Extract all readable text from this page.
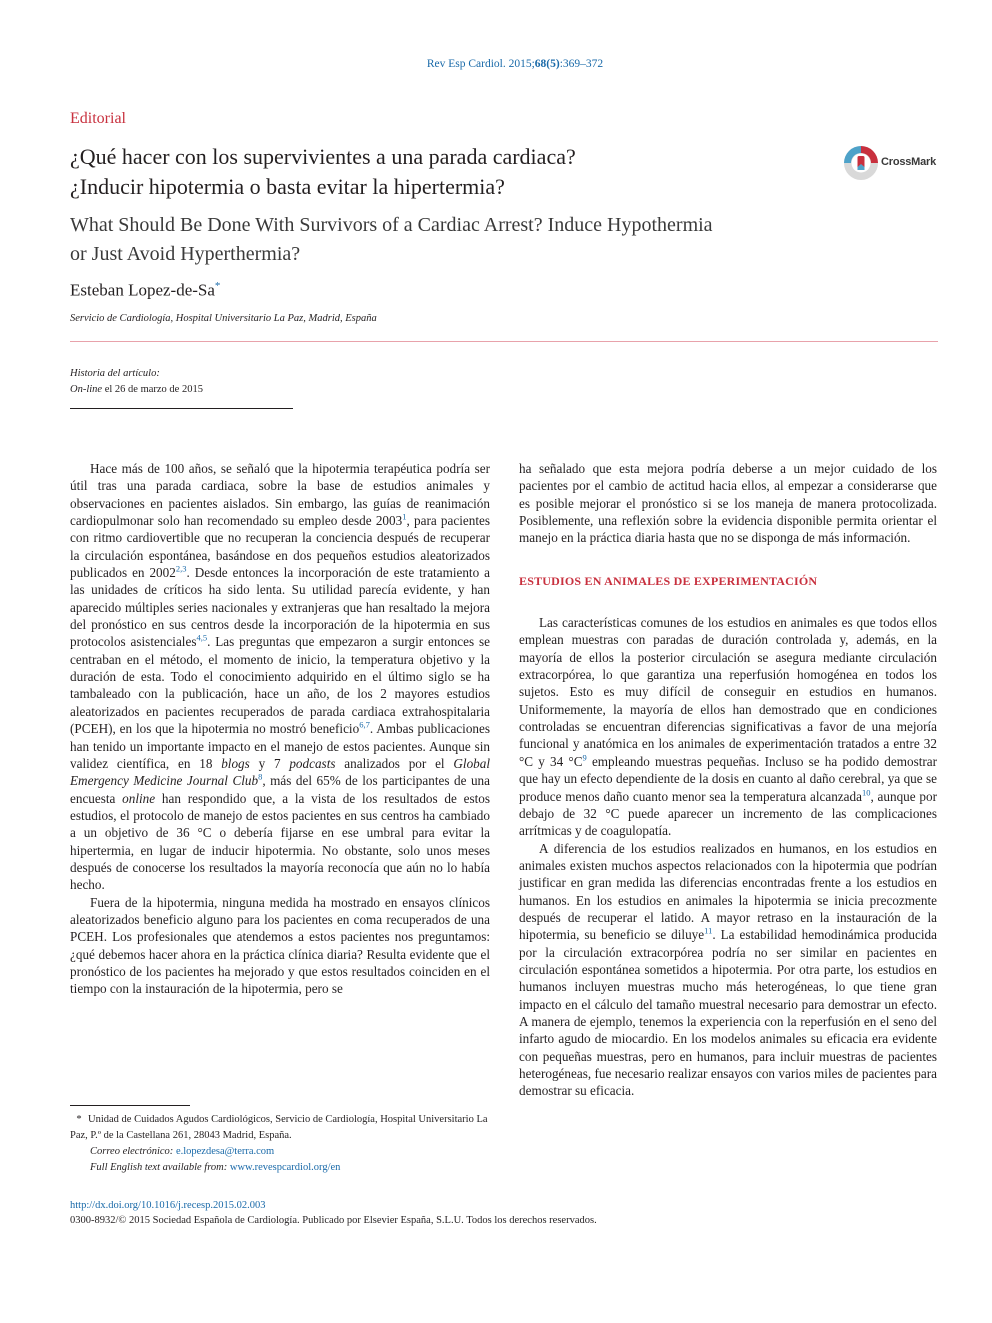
Rev Esp Cardiol. 2015;68(5):369–372
Editorial
¿Qué hacer con los supervivientes a una parada cardiaca?
¿Inducir hipotermia o basta evitar la hipertermia?
CrossMark
What Should Be Done With Survivors of a Cardiac Arrest? Induce Hypothermia
or Just Avoid Hyperthermia?
Esteban Lopez-de-Sa*
Servicio de Cardiología, Hospital Universitario La Paz, Madrid, España
Historia del artículo:
On-line el 26 de marzo de 2015

Hace más de 100 años, se señaló que la hipotermia terapéutica podría ser útil tras una parada cardiaca, sobre la base de estudios animales y observaciones en pacientes aislados. Sin embargo, las guías de reanimación cardiopulmonar solo han recomendado su empleo desde 2003$^1$, para pacientes con ritmo cardiovertible que no recuperan la conciencia después de recuperar la circulación espontánea, basándose en dos pequeños estudios aleatorizados publicados en 2002$^{2,3}$. Desde entonces la incorporación de este tratamiento a las unidades de críticos ha sido lenta. Su utilidad parecía evidente, y han aparecido múltiples series nacionales y extranjeras que han resaltado la mejora del pronóstico en sus centros desde la incorporación de la hipotermia en sus protocolos asistenciales$^{4,5}$. Las preguntas que empezaron a surgir entonces se centraban en el método, el momento de inicio, la temperatura objetivo y la duración de esta. Todo el conocimiento adquirido en el último siglo se ha tambaleado con la publicación, hace un año, de los 2 mayores estudios aleatorizados en pacientes recuperados de parada cardiaca extrahospitalaria (PCEH), en los que la hipotermia no mostró beneficio$^{6,7}$. Ambas publicaciones han tenido un importante impacto en el manejo de estos pacientes. Aunque sin validez científica, en 18 blogs y 7 podcasts analizados por el Global Emergency Medicine Journal Club$^8$, más del 65% de los participantes de una encuesta online han respondido que, a la vista de los resultados de estos estudios, el protocolo de manejo de estos pacientes en sus centros ha cambiado a un objetivo de 36 °C o debería fijarse en ese umbral para evitar la hipertermia, en lugar de inducir hipotermia. No obstante, solo unos meses después de conocerse los resultados la mayoría reconocía que aún no lo había hecho.

Fuera de la hipotermia, ninguna medida ha mostrado en ensayos clínicos aleatorizados beneficio alguno para los pacientes en coma recuperados de una PCEH. Los profesionales que atendemos a estos pacientes nos preguntamos: ¿qué debemos hacer ahora en la práctica clínica diaria? Resulta evidente que el pronóstico de los pacientes ha mejorado y que estos resultados coinciden en el tiempo con la instauración de la hipotermia, pero se

ha señalado que esta mejora podría deberse a un mejor cuidado de los pacientes por el cambio de actitud hacia ellos, al empezar a considerarse que es posible mejorar el pronóstico si se los maneja de manera protocolizada. Posiblemente, una reflexión sobre la evidencia disponible permita orientar el manejo en la práctica diaria hasta que no se disponga de más información.

ESTUDIOS EN ANIMALES DE EXPERIMENTACIÓN

Las características comunes de los estudios en animales es que todos ellos emplean muestras con paradas de duración controlada y, además, en la mayoría de ellos la posterior circulación se asegura mediante circulación extracorpórea, lo que garantiza una reperfusión homogénea en todos los sujetos. Esto es muy difícil de conseguir en estudios en humanos. Uniformemente, la mayoría de ellos han demostrado que en condiciones controladas se encuentran diferencias significativas a favor de una mejoría funcional y anatómica en los animales de experimentación tratados a entre 32 °C y 34 °C$^9$ empleando muestras pequeñas. Incluso se ha podido demostrar que hay un efecto dependiente de la dosis en cuanto al daño cerebral, ya que se produce menos daño cuanto menor sea la temperatura alcanzada$^{10}$, aunque por debajo de 32 °C puede aparecer un incremento de las complicaciones arrítmicas y de coagulopatía.

A diferencia de los estudios realizados en humanos, en los estudios en animales existen muchos aspectos relacionados con la hipotermia que podrían justificar en gran medida las diferencias encontradas frente a los estudios en humanos. En los estudios en animales la hipotermia se inicia precozmente después de recuperar el latido. A mayor retraso en la instauración de la hipotermia, su beneficio se diluye$^{11}$. La estabilidad hemodinámica producida por la circulación extracorpórea podría no ser similar en pacientes en circulación espontánea sometidos a hipotermia. Por otra parte, los estudios en humanos incluyen muestras mucho más heterogéneas, lo que tiene gran impacto en el cálculo del tamaño muestral necesario para demostrar un efecto. A manera de ejemplo, tenemos la experiencia con la reperfusión en el seno del infarto agudo de miocardio. En los modelos animales su eficacia era evidente con pequeñas muestras, pero en humanos, para incluir muestras de pacientes heterogéneas, fue necesario realizar ensayos con varios miles de pacientes para demostrar su eficacia.

* Unidad de Cuidados Agudos Cardiológicos, Servicio de Cardiología, Hospital Universitario La Paz, P.º de la Castellana 261, 28043 Madrid, España.

Correo electrónico: e.lopezdesa@terra.com

Full English text available from: www.revespcardiol.org/en

http://dx.doi.org/10.1016/j.recesp.2015.02.003
0300-8932/© 2015 Sociedad Española de Cardiología. Publicado por Elsevier España, S.L.U. Todos los derechos reservados.
